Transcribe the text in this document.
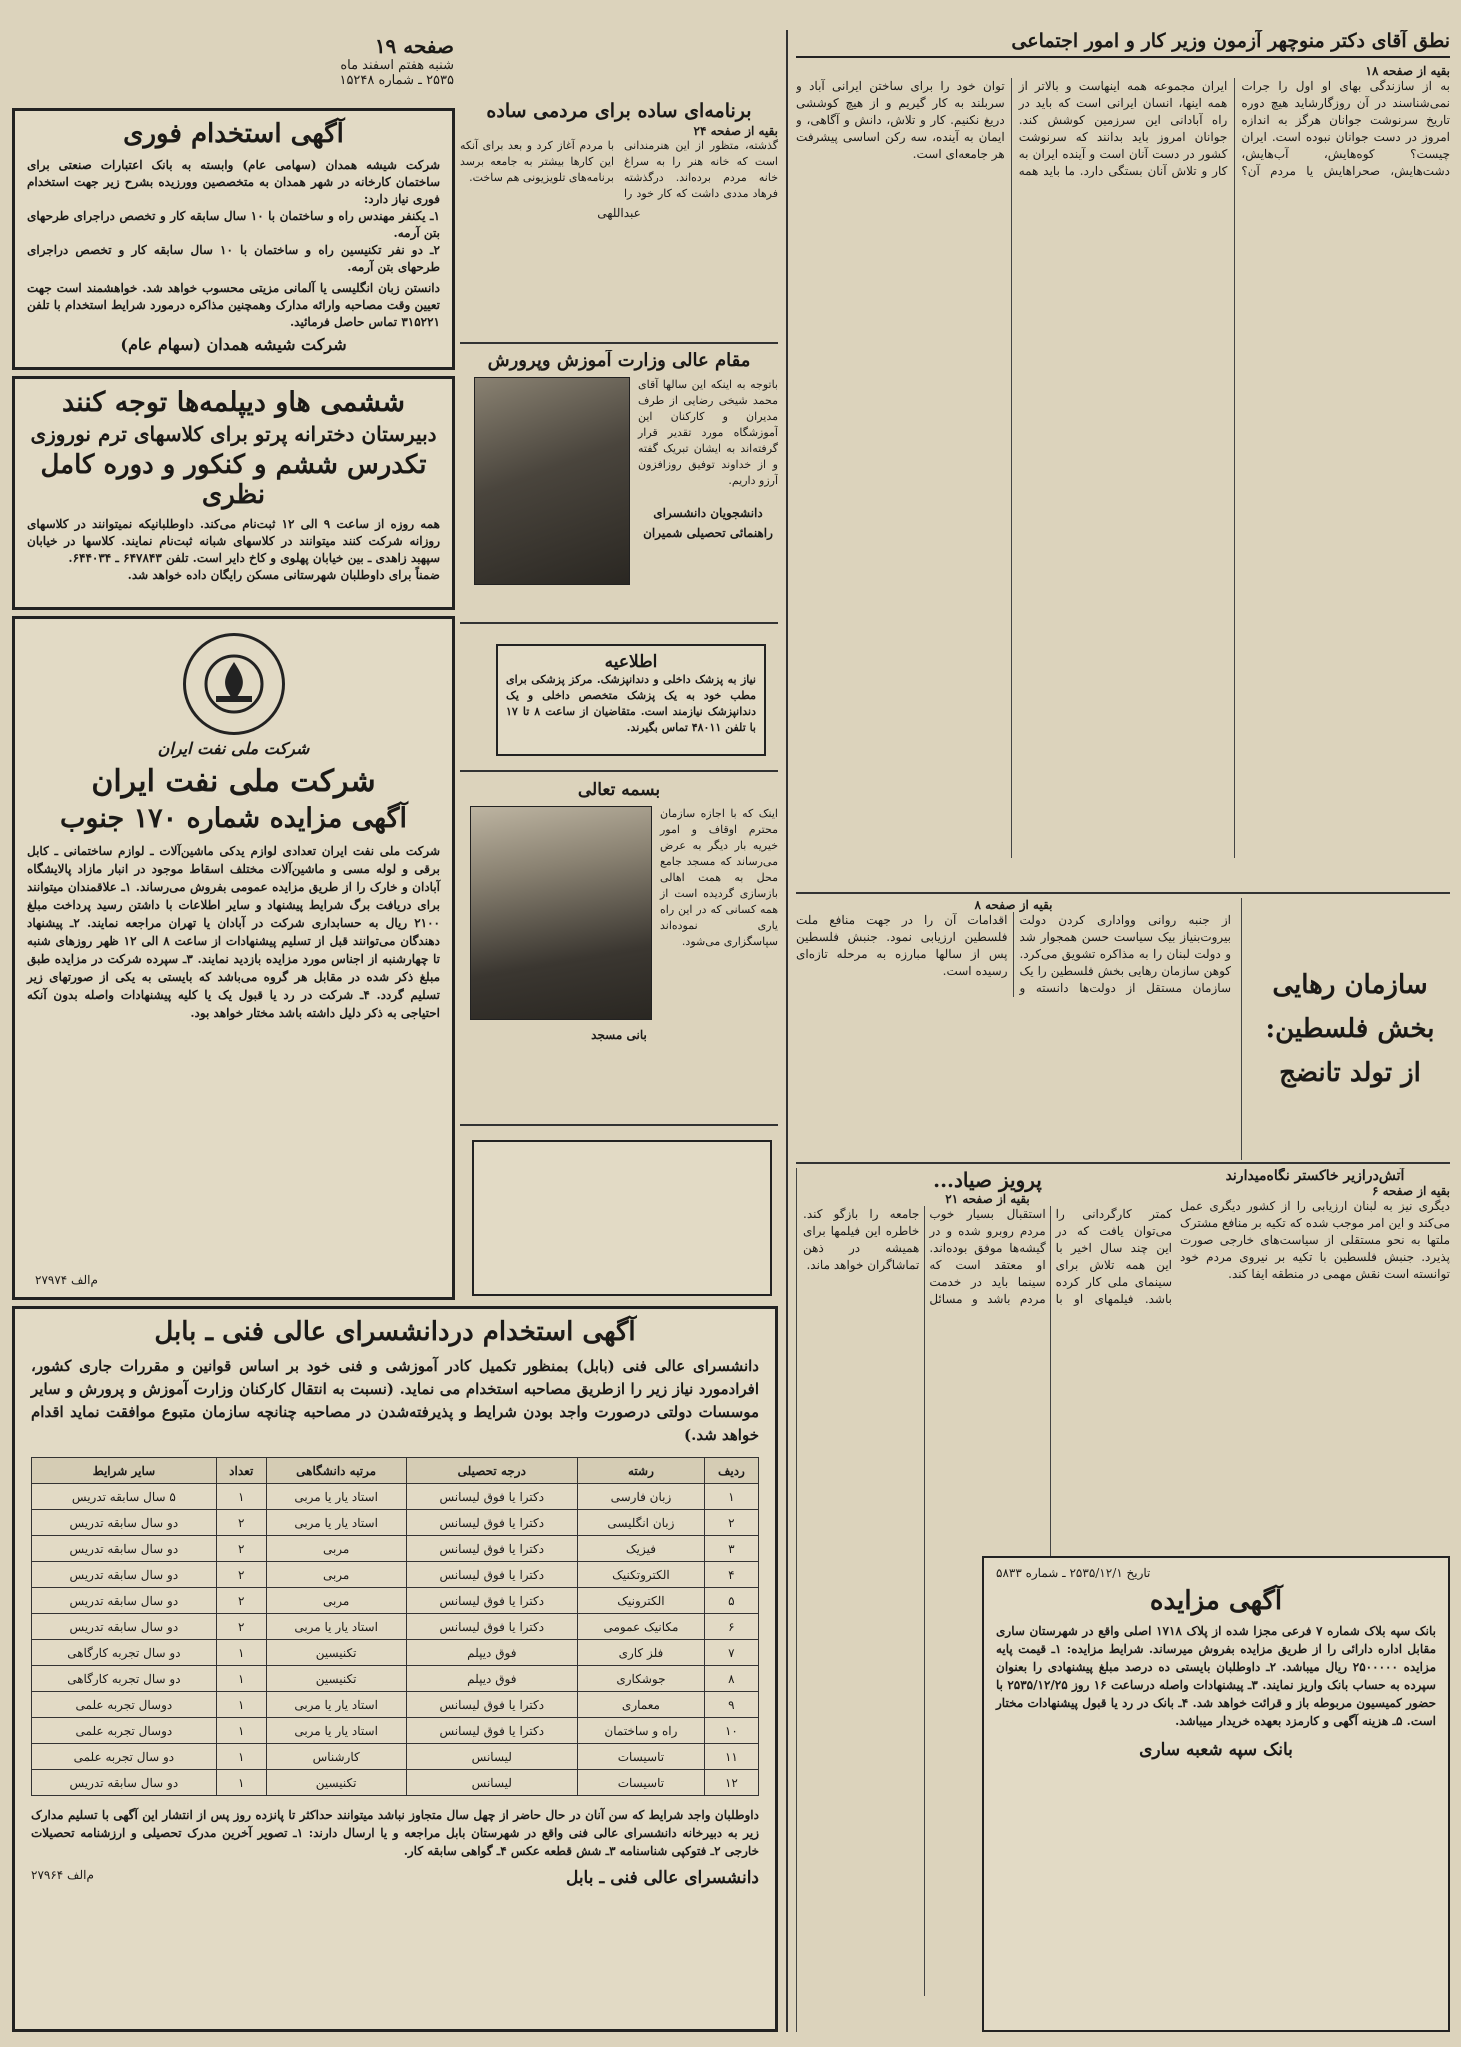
صفحه ۱۹
شنبه هفتم اسفند ماه
۲۵۳۵ ـ شماره ۱۵۲۴۸
آگهی استخدام فوری
شرکت شیشه همدان (سهامی عام) وابسته به بانک اعتبارات صنعتی برای ساختمان کارخانه در شهر همدان به متخصصین وورزیده بشرح زیر جهت استخدام فوری نیاز دارد:
۱ـ یکنفر مهندس راه و ساختمان با ۱۰ سال سابقه کار و تخصص دراجرای طرحهای بتن آرمه.
۲ـ دو نفر تکنیسین راه و ساختمان با ۱۰ سال سابقه کار و تخصص دراجرای طرحهای بتن آرمه.
دانستن زبان انگلیسی یا آلمانی مزیتی محسوب خواهد شد. خواهشمند است جهت تعیین وقت مصاحبه وارائه مدارک وهمچنین مذاکره درمورد شرایط استخدام با تلفن ۳۱۵۲۲۱ تماس حاصل فرمائید.
شرکت شیشه همدان (سهام عام)
ششمی هاو دیپلمه‌ها توجه کنند
دبیرستان دخترانه پرتو برای کلاسهای ترم نوروزی
تکدرس ششم و کنکور و دوره کامل نظری
همه روزه از ساعت ۹ الی ۱۲ ثبت‌نام می‌کند. داوطلبانیکه نمیتوانند در کلاسهای روزانه شرکت کنند میتوانند در کلاسهای شبانه ثبت‌نام نمایند. کلاسها در خیابان سپهبد زاهدی ـ بین خیابان پهلوی و کاخ دایر است. تلفن ۶۴۷۸۴۳ ـ ۶۴۴۰۳۴.
ضمناً برای داوطلبان شهرستانی مسکن رایگان داده خواهد شد.
شرکت ملی نفت ایران
شرکت ملی نفت ایران
آگهی مزایده شماره ۱۷۰ جنوب
شرکت ملی نفت ایران تعدادی لوازم یدکی ماشین‌آلات ـ لوازم ساختمانی ـ کابل برقی و لوله مسی و ماشین‌آلات مختلف اسقاط موجود در انبار مازاد پالایشگاه آبادان و خارک را از طریق مزایده عمومی بفروش می‌رساند. ۱ـ علاقمندان میتوانند برای دریافت برگ شرایط پیشنهاد و سایر اطلاعات با داشتن رسید پرداخت مبلغ ۲۱۰۰ ریال به حسابداری شرکت در آبادان یا تهران مراجعه نمایند. ۲ـ پیشنهاد دهندگان می‌توانند قبل از تسلیم پیشنهادات از ساعت ۸ الی ۱۲ ظهر روزهای شنبه تا چهارشنبه از اجناس مورد مزایده بازدید نمایند. ۳ـ سپرده شرکت در مزایده طبق مبلغ ذکر شده در مقابل هر گروه می‌باشد که بایستی به یکی از صورتهای زیر تسلیم گردد. ۴ـ شرکت در رد یا قبول یک یا کلیه پیشنهادات واصله بدون آنکه احتیاجی به ذکر دلیل داشته باشد مختار خواهد بود.
م‌الف ۲۷۹۷۴
برنامه‌ای ساده برای مردمی ساده
بقیه از صفحه ۲۴
گذشته، متظور از این هنرمندانی است که خانه هنر را به سراغ خانه مردم برده‌اند. درگذشته فرهاد مددی داشت که کار خود را با مردم آغاز کرد و بعد برای آنکه این کارها بیشتر به جامعه برسد برنامه‌های تلویزیونی هم ساخت.
عبداللهی
مقام عالی وزارت آموزش وپرورش
باتوجه به اینکه این سالها آقای محمد شیخی رضایی از طرف مدیران و کارکنان این آموزشگاه مورد تقدیر قرار گرفته‌اند به ایشان تبریک گفته و از خداوند توفیق روزافزون آرزو داریم.
دانشجویان دانشسرای راهنمائی تحصیلی شمیران
اطلاعیه
نیاز به پزشک داخلی و دندانپزشک. مرکز پزشکی برای مطب خود به یک پزشک متخصص داخلی و یک دندانپزشک نیازمند است. متقاضیان از ساعت ۸ تا ۱۷ با تلفن ۴۸۰۱۱ تماس بگیرند.
بسمه تعالی
اینک که با اجازه سازمان محترم اوقاف و امور خیریه بار دیگر به عرض می‌رساند که مسجد جامع محل به همت اهالی بازسازی گردیده است از همه کسانی که در این راه یاری نموده‌اند سپاسگزاری می‌شود.
بانی مسجد
آگهی استخدام دردانشسرای عالی فنی ـ بابل
دانشسرای عالی فنی (بابل) بمنظور تکمیل کادر آموزشی و فنی خود بر اساس قوانین و مقررات جاری کشور، افرادمورد نیاز زیر را ازطریق مصاحبه استخدام می نماید. (نسبت به انتقال کارکنان وزارت آموزش و پرورش و سایر موسسات دولتی درصورت واجد بودن شرایط و پذیرفته‌شدن در مصاحبه چنانچه سازمان متبوع موافقت نماید اقدام خواهد شد.)
ردیف	رشته	درجه تحصیلی	مرتبه دانشگاهی	تعداد	سایر شرایط
۱	زبان فارسی	دکترا یا فوق لیسانس	استاد یار یا مربی	۱	۵ سال سابقه تدریس
۲	زبان انگلیسی	دکترا یا فوق لیسانس	استاد یار یا مربی	۲	دو سال سابقه تدریس
۳	فیزیک	دکترا یا فوق لیسانس	مربی	۲	دو سال سابقه تدریس
۴	الکتروتکنیک	دکترا یا فوق لیسانس	مربی	۲	دو سال سابقه تدریس
۵	الکترونیک	دکترا یا فوق لیسانس	مربی	۲	دو سال سابقه تدریس
۶	مکانیک عمومی	دکترا یا فوق لیسانس	استاد یار یا مربی	۲	دو سال سابقه تدریس
۷	فلز کاری	فوق دیپلم	تکنیسین	۱	دو سال تجربه کارگاهی
۸	جوشکاری	فوق دیپلم	تکنیسین	۱	دو سال تجربه کارگاهی
۹	معماری	دکترا یا فوق لیسانس	استاد یار یا مربی	۱	دوسال تجربه علمی
۱۰	راه و ساختمان	دکترا یا فوق لیسانس	استاد یار یا مربی	۱	دوسال تجربه علمی
۱۱	تاسیسات	لیسانس	کارشناس	۱	دو سال تجربه علمی
۱۲	تاسیسات	لیسانس	تکنیسین	۱	دو سال سابقه تدریس
داوطلبان واجد شرایط که سن آنان در حال حاضر از چهل سال متجاوز نباشد میتوانند حداکثر تا پانزده روز پس از انتشار این آگهی با تسلیم مدارک زیر به دبیرخانه دانشسرای عالی فنی واقع در شهرستان بابل مراجعه و یا ارسال دارند: ۱ـ تصویر آخرین مدرک تحصیلی و ارزشنامه تحصیلات خارجی ۲ـ فتوکپی شناسنامه ۳ـ شش قطعه عکس ۴ـ گواهی سابقه کار.
دانشسرای عالی فنی ـ بابل
م‌الف ۲۷۹۶۴
نطق آقای دکتر منوچهر آزمون وزیر کار و امور اجتماعی
بقیه از صفحه ۱۸
به از سازندگی بهای او اول را جرات نمی‌شناسند در آن روزگارشاید هیچ دوره تاریخ سرنوشت جوانان هرگز به اندازه امروز در دست جوانان نبوده است. ایران چیست؟ کوه‌هایش، آب‌هایش، دشت‌هایش، صحراهایش یا مردم آن؟ ایران مجموعه همه اینهاست و بالاتر از همه اینها، انسان ایرانی است که باید در راه آبادانی این سرزمین کوشش کند. جوانان امروز باید بدانند که سرنوشت کشور در دست آنان است و آینده ایران به کار و تلاش آنان بستگی دارد. ما باید همه توان خود را برای ساختن ایرانی آباد و سربلند به کار گیریم و از هیچ کوششی دریغ نکنیم. کار و تلاش، دانش و آگاهی، و ایمان به آینده، سه رکن اساسی پیشرفت هر جامعه‌ای است.
سازمان رهایی
بخش فلسطین:
از تولد تانضج
بقیه از صفحه ۸
از جنبه روانی وواداری کردن دولت بیروت‌بنیاز بیک سیاست حسن همجوار شد و دولت لبنان را به مذاکره تشویق می‌کرد. کوهن سازمان رهایی بخش فلسطین را یک سازمان مستقل از دولت‌ها دانسته و اقدامات آن را در جهت منافع ملت فلسطین ارزیابی نمود. جنبش فلسطین پس از سالها مبارزه به مرحله تازه‌ای رسیده است.
آتش‌درازیر خاکستر نگاه‌میدارند
بقیه از صفحه ۶
دیگری نیز به لبنان ارزیابی را از کشور دیگری عمل می‌کند و این امر موجب شده که تکیه بر منافع مشترک ملتها به نحو مستقلی از سیاست‌های خارجی صورت پذیرد. جنبش فلسطین با تکیه بر نیروی مردم خود توانسته است نقش مهمی در منطقه ایفا کند.
پرویز صیاد...
بقیه از صفحه ۲۱
کمتر کارگردانی را می‌توان یافت که در این چند سال اخیر با این همه تلاش برای سینمای ملی کار کرده باشد. فیلمهای او با استقبال بسیار خوب مردم روبرو شده و در گیشه‌ها موفق بوده‌اند. او معتقد است که سینما باید در خدمت مردم باشد و مسائل جامعه را بازگو کند. خاطره این فیلمها برای همیشه در ذهن تماشاگران خواهد ماند.
تاریخ ۲۵۳۵/۱۲/۱ ـ شماره ۵۸۳۳
آگهی مزایده
بانک سپه بلاک شماره ۷ فرعی مجزا شده از پلاک ۱۷۱۸ اصلی واقع در شهرستان ساری مقابل اداره دارائی را از طریق مزایده بفروش میرساند. شرایط مزایده: ۱ـ قیمت پایه مزایده ۲۵۰۰۰۰۰ ریال میباشد. ۲ـ داوطلبان بایستی ده درصد مبلغ پیشنهادی را بعنوان سپرده به حساب بانک واریز نمایند. ۳ـ پیشنهادات واصله درساعت ۱۶ روز ۲۵۳۵/۱۲/۲۵ با حضور کمیسیون مربوطه باز و قرائت خواهد شد. ۴ـ بانک در رد یا قبول پیشنهادات مختار است. ۵ـ هزینه آگهی و کارمزد بعهده خریدار میباشد.
بانک سپه شعبه ساری
